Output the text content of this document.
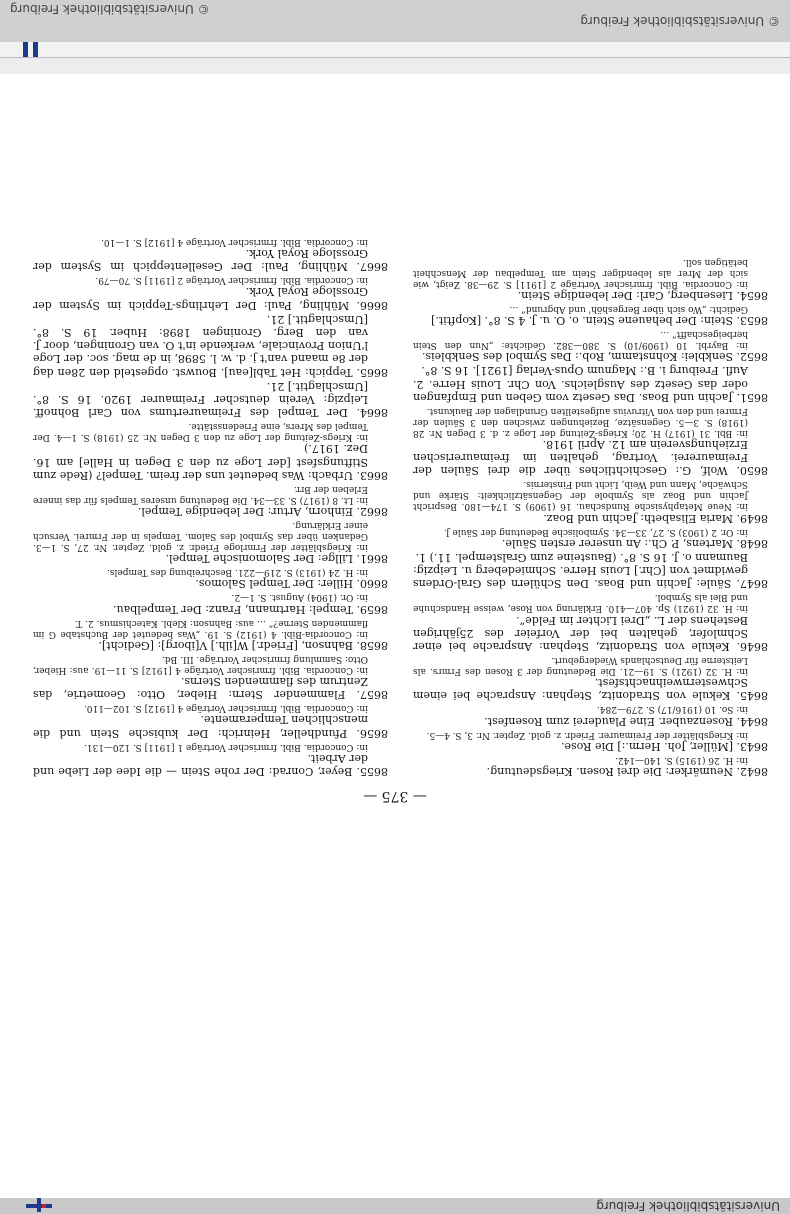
Universitätsbibliothek Freiburg
— 375 —
8642. Neumärker: Die drei Rosen. Kriegsdeutung.
in: H. 26 (1915) S. 140—142.
8643. [Müller, Joh. Herm.:] Die Rose.
in: Kriegsblätter der Freimaurer. Friedr. z. gold. Zepter. Nr. 3, S. 4—5.
8644. Rosenzauber. Eine Plauderei zum Rosenfest.
in: So. 10 (1916/17) S. 279—284.
8645. Kekule von Stradonitz, Stephan: Ansprache bei einem Schwesternweihnachtsfest.
in: H. 32 (1921) S. 19—21. Die Bedeutung der 3 Rosen des Frmrs. als Leitsterne für Deutschlands Wiedergeburt.
8646. Kekule von Stradonitz, Stephan: Ansprache bei einer Schmlofer, gehalten bei der Vorfeier des 25jährigen Bestehens der L. „Drei Lichter im Felde“.
in: H. 32 (1921) Sp. 407—410. Erklärung von Rose, weisse Handschuhe und Blei als Symbol.
8647. Säule: Jachin und Boas. Den Schülern des Gral-Ordens gewidmet von [Chr.] Louis Herre. Schmiedeberg u. Leipzig: Baumann o. J. 16 S. 8°. (Bausteine zum Gralstempel. 11.) 1.
8648. Martens, P. Ch.: An unserer ersten Säule.
in: Or. 2 (1903) S. 27, 33—34. Symbolische Bedeutung der Säule J.
8649. Maria Elisabeth: Jachin und Boaz.
in: Neue Metaphysische Rundschau. 16 (1909) S. 174—180. Bespricht Jachin und Boaz als Symbole der Gegensätzlichkeit: Stärke und Schwäche, Mann und Weib, Licht und Finsternis.
8650. Wolf, G.: Geschichtliches über die drei Säulen der Freimaurerei. Vortrag, gehalten im freimaurerischen Erziehungsverein am 12. April 1918.
in: Bbl. 31 (1917) H. 20; Kriegs-Zeitung der Loge z. d. 3 Degen Nr. 28 (1918) S. 3—5. Gegensätze, Beziehungen zwischen den 3 Säulen der Frmrei und den von Vitruvius aufgestellten Grundlagen der Baukunst.
8651. Jachin und Boas. Das Gesetz vom Geben und Empfangen oder das Gesetz des Ausgleichs. Von Chr. Louis Herre. 2. Aufl. Freiburg i. B.: Magnum Opus-Verlag [1921]. 16 S. 8°.
8652. Senkblei: Kohnstamm, Rob.: Das Symbol des Senkbleis.
in: Bayrbl. 10 (1909/10) S. 380—382. Gedichte: „Nun den Stein herbeigeschafft“ …
8653. Stein: Der behauene Stein. o. O. u. J. 4 S. 8°. [Kopftit.]
Gedicht: „Wo sich über Bergeshöh' und Abgrund“ …
8654. Liesenberg, Carl: Der lebendige Stein.
in: Concordia. Bibl. frmrischer Vorträge 2 [1911] S. 29—38. Zeigt, wie sich der Mrer als lebendiger Stein am Tempelbau der Menschheit betätigen soll.
8655. Beyer, Conrad: Der rohe Stein — die Idee der Liebe und der Arbeit.
in: Concordia. Bibl. frmrischer Vorträge 1 [1911] S. 120—131.
8656. Pfundheller, Heinrich: Der kubische Stein und die menschlichen Temperamente.
in: Concordia. Bibl. frmrischer Vorträge 4 [1912] S. 102—110.
8657. Flammender Stern: Hieber, Otto: Geometrie, das Zentrum des flammenden Sterns.
in: Concordia. Bibl. frmrischer Vorträge 4 [1912] S. 11—19. aus: Hieber, Otto: Sammlung frmrischer Vorträge. III. Bd.
8658. Bahnson, [Friedr.] W[ilh.] V[iborg]: [Gedicht].
in: Concordia-Bibl. 4 (1912) S. 19. „Was bedeutet der Buchstabe G im flammenden Sterne?“ … aus: Bahnson: Klebl. Katechismus. 2. T.
8659. Tempel: Hartmann, Franz: Der Tempelbau.
in: Or. (1904) August. S. 1—2.
8660. Hiller: Der Tempel Salomos.
in: H. 24 (1913) S. 219—221. Beschreibung des Tempels.
8661. Lillge: Der Salomonische Tempel.
in: Kriegsblätter der Frmrloge Friedr. z. gold. Zepter. Nr. 27, S. 1—3. Gedanken über das Symbol des Salom. Tempels in der Frmrei. Versuch einer Erklärung.
8662. Einhorn, Artur: Der lebendige Tempel.
in: Lt. 8 (1917) S. 33—34. Die Bedeutung unseres Tempels für das innere Erleben der Brr.
8663. Urbach: Was bedeutet uns der freim. Tempel? (Rede zum Stiftungsfest [der Loge zu den 3 Degen in Halle] am 16. Dez. 1917.)
in: Kriegs-Zeitung der Loge zu den 3 Degen Nr. 25 (1918) S. 1—4. Der Tempel des Mrers, eine Friedensstätte.
8664. Der Tempel des Freimaurertums von Carl Bohnoff. Leipzig: Verein deutscher Freimaurer 1920. 16 S. 8°. [Umschlagtit.] 21.
8665. Teppich: Het Tabl[eau]. Bouwst. opgesteld den 28en dag der 8e maand van't j. d. w. l. 5898, in de mag. soc. der Loge l'Union Provinciale, werkende in't O. van Groningen, door J. van den Berg. Groningen 1898: Huber. 19 S. 8°. [Umschlagtit.] 21.
8666. Mühling, Paul: Der Lehrlings-Teppich im System der Grossloge Royal York.
in: Concordia. Bibl. frmrischer Vorträge 2 [1911] S. 70—79.
8667. Mühling, Paul: Der Gesellenteppich im System der Grossloge Royal York.
in: Concordia. Bibl. frmrischer Vorträge 4 [1912] S. 1—10.
© Universitätsbibliothek Freiburg
© Universitätsbibliothek Freiburg
